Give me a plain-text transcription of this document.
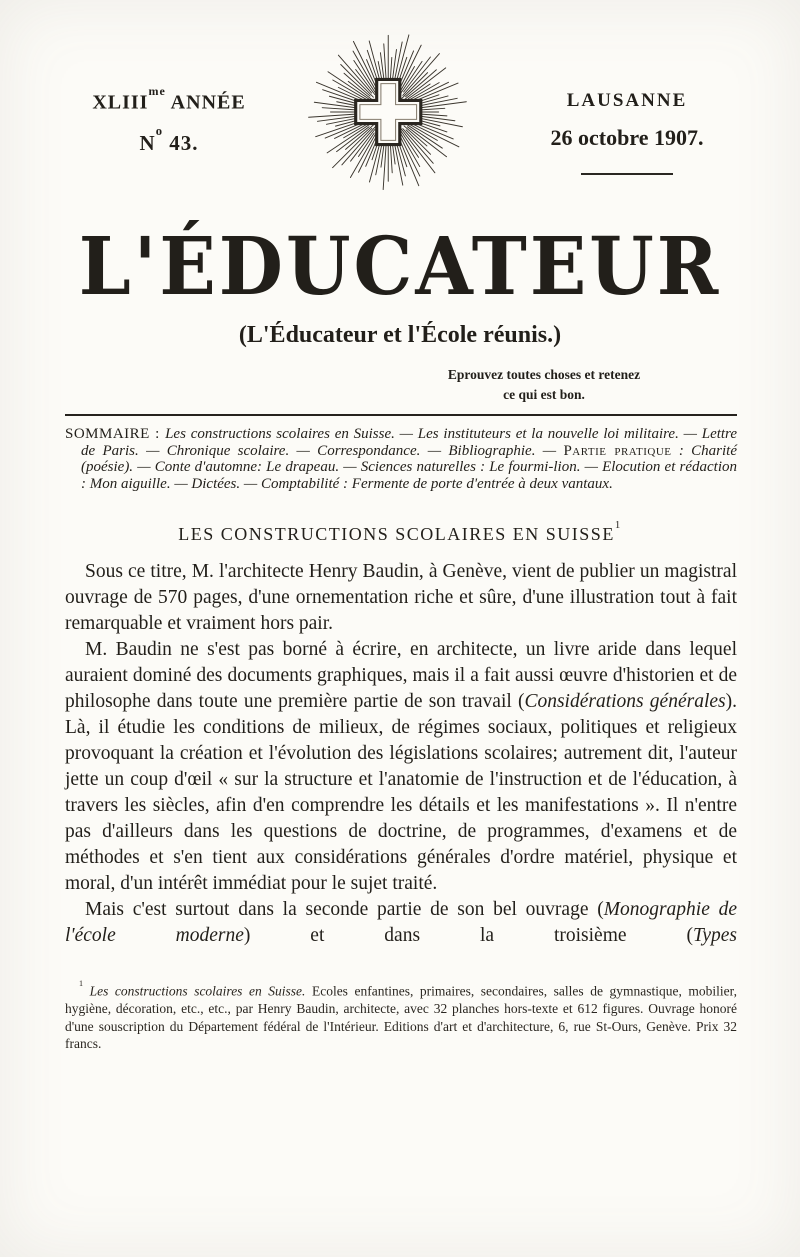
$XLIII^{me}$ ANNÉE
$N^o$ 43.
LAUSANNE
26 octobre 1907.
L'ÉDUCATEUR
(L'Éducateur et l'École réunis.)
Eprouvez toutes choses et retenez
ce qui est bon.

SOMMAIRE : Les constructions scolaires en Suisse. — Les instituteurs et la nouvelle loi militaire. — Lettre de Paris. — Chronique scolaire. — Correspondance. — Bibliographie. — Partie pratique : Charité (poésie). — Conte d'automne: Le drapeau. — Sciences naturelles : Le fourmi-lion. — Elocution et rédaction : Mon aiguille. — Dictées. — Comptabilité : Fermente de porte d'entrée à deux vantaux.

LES CONSTRUCTIONS SCOLAIRES EN SUISSE$^1$

Sous ce titre, M. l'architecte Henry Baudin, à Genève, vient de publier un magistral ouvrage de 570 pages, d'une ornementation riche et sûre, d'une illustration tout à fait remarquable et vraiment hors pair.

M. Baudin ne s'est pas borné à écrire, en architecte, un livre aride dans lequel auraient dominé des documents graphiques, mais il a fait aussi œuvre d'historien et de philosophe dans toute une première partie de son travail (Considérations générales). Là, il étudie les conditions de milieux, de régimes sociaux, politiques et religieux provoquant la création et l'évolution des législations scolaires; autrement dit, l'auteur jette un coup d'œil « sur la structure et l'anatomie de l'instruction et de l'éducation, à travers les siècles, afin d'en comprendre les détails et les manifestations ». Il n'entre pas d'ailleurs dans les questions de doctrine, de programmes, d'examens et de méthodes et s'en tient aux considérations générales d'ordre matériel, physique et moral, d'un intérêt immédiat pour le sujet traité.

Mais c'est surtout dans la seconde partie de son bel ouvrage (Monographie de l'école moderne) et dans la troisième (Types

$^1$ Les constructions scolaires en Suisse. Ecoles enfantines, primaires, secondaires, salles de gymnastique, mobilier, hygiène, décoration, etc., etc., par Henry Baudin, architecte, avec 32 planches hors-texte et 612 figures. Ouvrage honoré d'une souscription du Département fédéral de l'Intérieur. Editions d'art et d'architecture, 6, rue St-Ours, Genève. Prix 32 francs.
